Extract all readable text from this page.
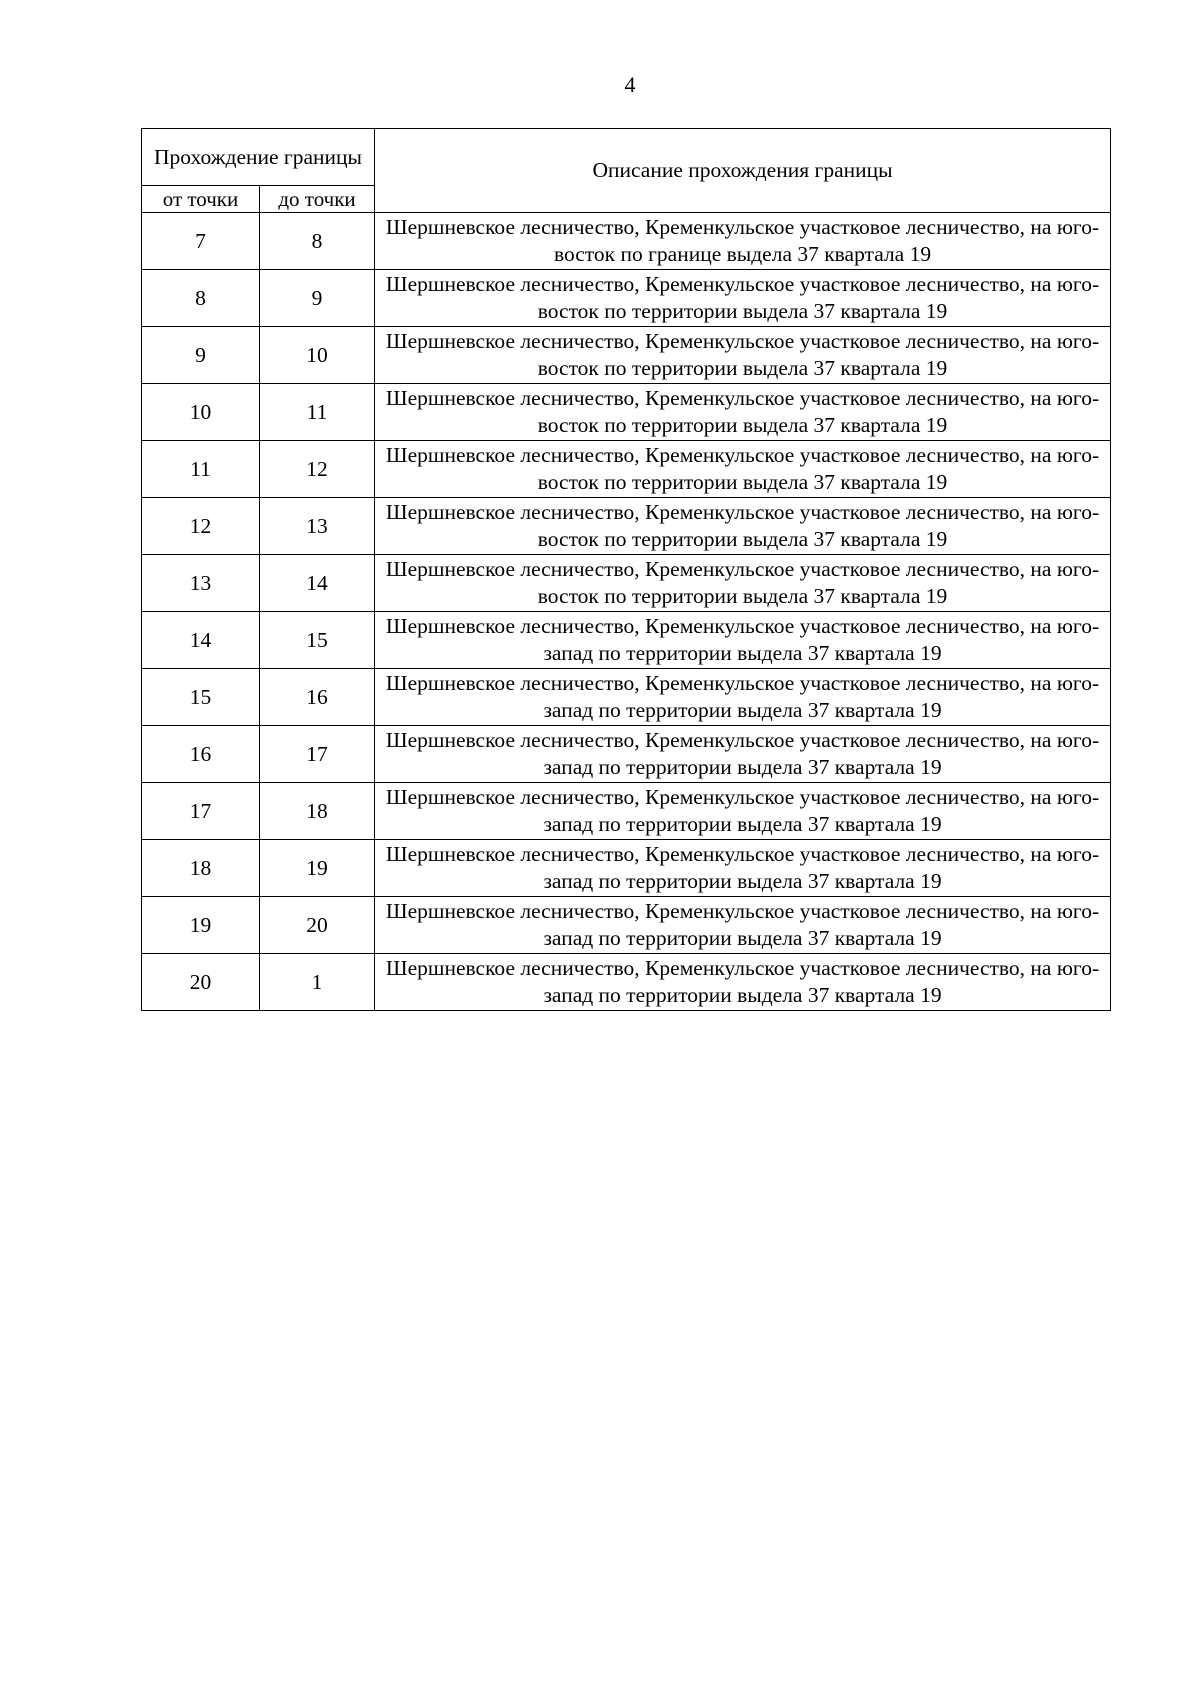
4
Прохождение границы		Описание прохождения границы
от точки	до точки	
7	8	Шершневское лесничество, Кременкульское участковое лесничество, на юго-восток по границе выдела 37 квартала 19
8	9	Шершневское лесничество, Кременкульское участковое лесничество, на юго-восток по территории выдела 37 квартала 19
9	10	Шершневское лесничество, Кременкульское участковое лесничество, на юго-восток по территории выдела 37 квартала 19
10	11	Шершневское лесничество, Кременкульское участковое лесничество, на юго-восток по территории выдела 37 квартала 19
11	12	Шершневское лесничество, Кременкульское участковое лесничество, на юго-восток по территории выдела 37 квартала 19
12	13	Шершневское лесничество, Кременкульское участковое лесничество, на юго-восток по территории выдела 37 квартала 19
13	14	Шершневское лесничество, Кременкульское участковое лесничество, на юго-восток по территории выдела 37 квартала 19
14	15	Шершневское лесничество, Кременкульское участковое лесничество, на юго-запад по территории выдела 37 квартала 19
15	16	Шершневское лесничество, Кременкульское участковое лесничество, на юго-запад по территории выдела 37 квартала 19
16	17	Шершневское лесничество, Кременкульское участковое лесничество, на юго-запад по территории выдела 37 квартала 19
17	18	Шершневское лесничество, Кременкульское участковое лесничество, на юго-запад по территории выдела 37 квартала 19
18	19	Шершневское лесничество, Кременкульское участковое лесничество, на юго-запад по территории выдела 37 квартала 19
19	20	Шершневское лесничество, Кременкульское участковое лесничество, на юго-запад по территории выдела 37 квартала 19
20	1	Шершневское лесничество, Кременкульское участковое лесничество, на юго-запад по территории выдела 37 квартала 19
